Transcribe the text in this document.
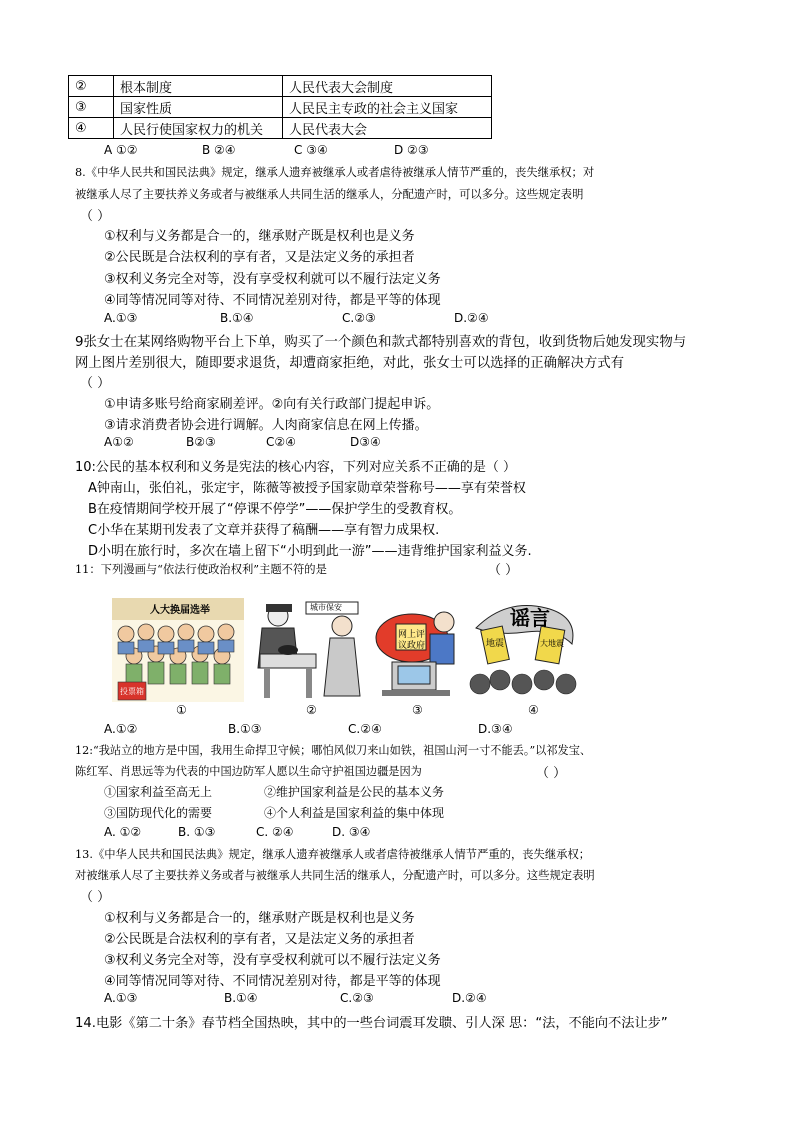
②	根本制度	人民代表大会制度
③	国家性质	人民民主专政的社会主义国家
④	人民行使国家权力的机关	人民代表大会
A ①②	B ②④	C ③④	D ②③
8.《中华人民共和国民法典》规定，继承人遗弃被继承人或者虐待被继承人情节严重的，丧失继承权；对
被继承人尽了主要扶养义务或者与被继承人共同生活的继承人，分配遗产时，可以多分。这些规定表明
（ ）
①权利与义务都是合一的，继承财产既是权利也是义务
②公民既是合法权利的享有者，又是法定义务的承担者
③权利义务完全对等，没有享受权利就可以不履行法定义务
④同等情况同等对待、不同情况差别对待，都是平等的体现
A.①③	B.①④	C.②③	D.②④
9张女士在某网络购物平台上下单，购买了一个颜色和款式都特别喜欢的背包，收到货物后她发现实物与
网上图片差别很大，随即要求退货，却遭商家拒绝，对此，张女士可以选择的正确解决方式有
（ ）
①申请多账号给商家刷差评。②向有关行政部门提起申诉。
③请求消费者协会进行调解。人肉商家信息在网上传播。
A①②	B②③	C②④	D③④
10:公民的基本权利和义务是宪法的核心内容，下列对应关系不正确的是（ ）
A钟南山，张伯礼，张定宇，陈薇等被授予国家勋章荣誉称号——享有荣誉权
B在疫情期间学校开展了“停课不停学”——保护学生的受教育权。
C小华在某期刊发表了文章并获得了稿酬——享有智力成果权.
D小明在旅行时，多次在墙上留下“小明到此一游”——违背维护国家利益义务.
11：下列漫画与“依法行使政治权利”主题不符的是	（ ）
人大换届选举
投票箱
城市保安
网上评
议政府
谣言
地震	大地震
①	②	③	④
A.①②	B.①③	C.②④	D.③④
12:“我站立的地方是中国，我用生命捍卫守候；哪怕风似刀来山如铁，祖国山河一寸不能丢。”以祁发宝、
陈红军、肖思远等为代表的中国边防军人愿以生命守护祖国边疆是因为	（ ）
①国家利益至高无上	②维护国家利益是公民的基本义务
③国防现代化的需要	④个人利益是国家利益的集中体现
A. ①②	B. ①③	C. ②④	D. ③④
13.《中华人民共和国民法典》规定，继承人遗弃被继承人或者虐待被继承人情节严重的，丧失继承权；
对被继承人尽了主要扶养义务或者与被继承人共同生活的继承人，分配遗产时，可以多分。这些规定表明
（ ）
①权利与义务都是合一的，继承财产既是权利也是义务
②公民既是合法权利的享有者，又是法定义务的承担者
③权利义务完全对等，没有享受权利就可以不履行法定义务
④同等情况同等对待、不同情况差别对待，都是平等的体现
A.①③	B.①④	C.②③	D.②④
14.电影《第二十条》春节档全国热映，其中的一些台词震耳发聩、引人深 思：“法，不能向不法让步”
